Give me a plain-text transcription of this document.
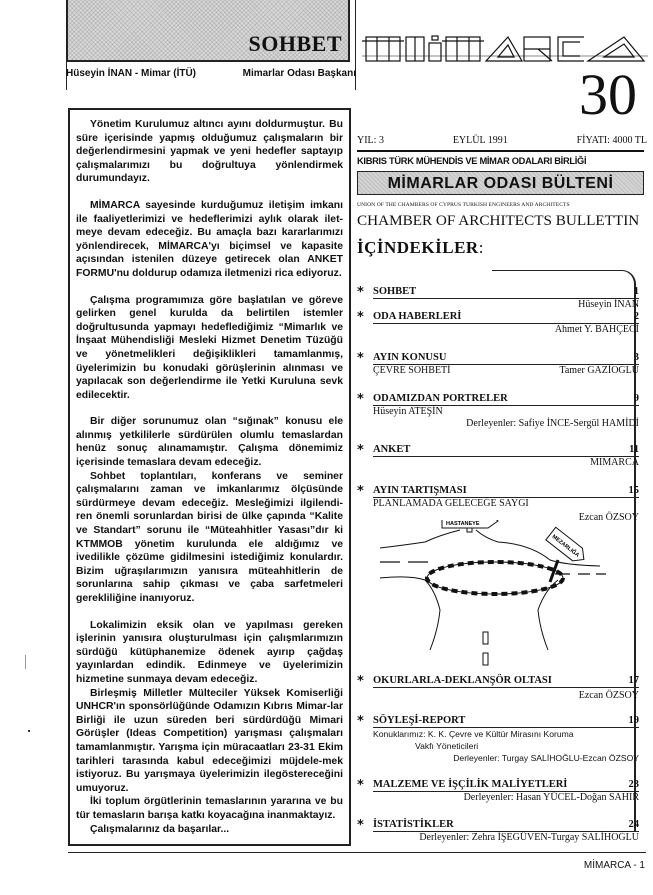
SOHBET
Hüseyin İNAN - Mimar (İTÜ)	Mimarlar Odası Başkanı

Yönetim Kurulumuz altıncı ayını doldurmuştur. Bu süre içerisinde yapmış olduğumuz çalışmaların bir değerlendirmesini yapmak ve yeni hedefler saptayıp çalışmalarımızı bu doğrultuya yönlendirmek durumundayız.

MİMARCA sayesinde kurduğumuz iletişim imkanı ile faaliyetlerimizi ve hedeflerimizi aylık olarak ilet-meye devam edeceğiz. Bu amaçla bazı kararlarımızı yönlendirecek, MİMARCA'yı biçimsel ve kapasite açısından istenilen düzeye getirecek olan ANKET FORMU'nu doldurup odamıza iletmenizi rica ediyoruz.

Çalışma programımıza göre başlatılan ve göreve gelirken genel kurulda da belirtilen istemler doğrultusunda yapmayı hedeflediğimiz “Mimarlık ve İnşaat Mühendisliği Mesleki Hizmet Denetim Tüzüğü ve yönetmelikleri değişiklikleri tamamlanmış, üyelerimizin bu konudaki görüşlerinin alınması ve yapılacak son değerlendirme ile Yetki Kuruluna sevk edilecektir.

Bir diğer sorunumuz olan “sığınak” konusu ele alınmış yetkililerle sürdürülen olumlu temaslardan henüz sonuç alınamamıştır. Çalışma dönemimiz içerisinde temaslara devam edeceğiz.

Sohbet toplantıları, konferans ve seminer çalışmalarını zaman ve imkanlarımız ölçüsünde sürdürmeye devam edeceğiz. Mesleğimizi ilgilendi-ren önemli sorunlardan birisi de ülke çapında “Kalite ve Standart” sorunu ile “Müteahhitler Yasası”dır ki KTMMOB yönetim kurulunda ele aldığımız ve ivedilikle çözüme gidilmesini istediğimiz konulardır. Bizim uğraşılarımızın yanısıra müteahhitlerin de sorunlarına sahip çıkması ve çaba sarfetmeleri gerekliliğine inanıyoruz.

Lokalimizin eksik olan ve yapılması gereken işlerinin yanısıra oluşturulması için çalışmlarımızın sürdüğü kütüphanemize ödenek ayırıp çağdaş yayınlardan edindik. Edinmeye ve üyelerimizin hizmetine sunmaya devam edeceğiz.

Birleşmiş Milletler Mülteciler Yüksek Komiserliği UNHCR'ın sponsörlüğünde Odamızın Kıbrıs Mimar-lar Birliği ile uzun süreden beri sürdürdüğü Mimari Görüşler (Ideas Competition) yarışması çalışmaları tamamlanmıştır. Yarışma için müracaatları 23-31 Ekim tarihleri tarasında kabul edeceğimizi müjdele-mek istiyoruz. Bu yarışmaya üyelerimizin ilegöstereceğini umuyoruz.

İki toplum örgütlerinin temaslarının yararına ve bu tür temasların barışa katkı koyacağına inanmaktayız.

Çalışmalarınız da başarılar...

30
YIL: 3	EYLÜL 1991	FİYATI: 4000 TL
KIBRIS TÜRK MÜHENDİS VE MİMAR ODALARI BİRLİĞİ
MİMARLAR ODASI BÜLTENİ
UNION OF THE CHAMBERS OF CYPRUS TURKISH ENGINEERS AND ARCHITECTS
CHAMBER OF ARCHITECTS BULLETTIN
İÇİNDEKİLER:
* SOHBET	1
Hüseyin İNAN
* ODA HABERLERİ	2
Ahmet Y. BAHÇECİ
* AYIN KONUSU	3
ÇEVRE SOHBETİ	Tamer GAZİOĞLU
* ODAMIZDAN PORTRELER	9
Hüseyin ATEŞİN
Derleyenler: Safiye İNCE-Sergül HAMİDİ
* ANKET	11
MIMARCA
* AYIN TARTIŞMASI	15
PLANLAMADA GELECEĞE SAYGI
Ezcan ÖZSOY
HASTANEYE
MEZARLIĞA
* OKURLARLA-DEKLANŞÖR OLTASI	17
Ezcan ÖZSOY
* SÖYLEŞİ-REPORT	19
Konuklarımız: K. K. Çevre ve Kültür Mirasını Koruma
Vakfı Yöneticileri
Derleyenler: Turgay SALİHOĞLU-Ezcan ÖZSOY
* MALZEME VE İŞÇİLİK MALİYETLERİ	23
Derleyenler: Hasan YÜCEL-Doğan SAHIR
* İSTATİSTİKLER	24
Derleyenler: Zehra İŞEGÜVEN-Turgay SALİHOĞLU
MİMARCA - 1
